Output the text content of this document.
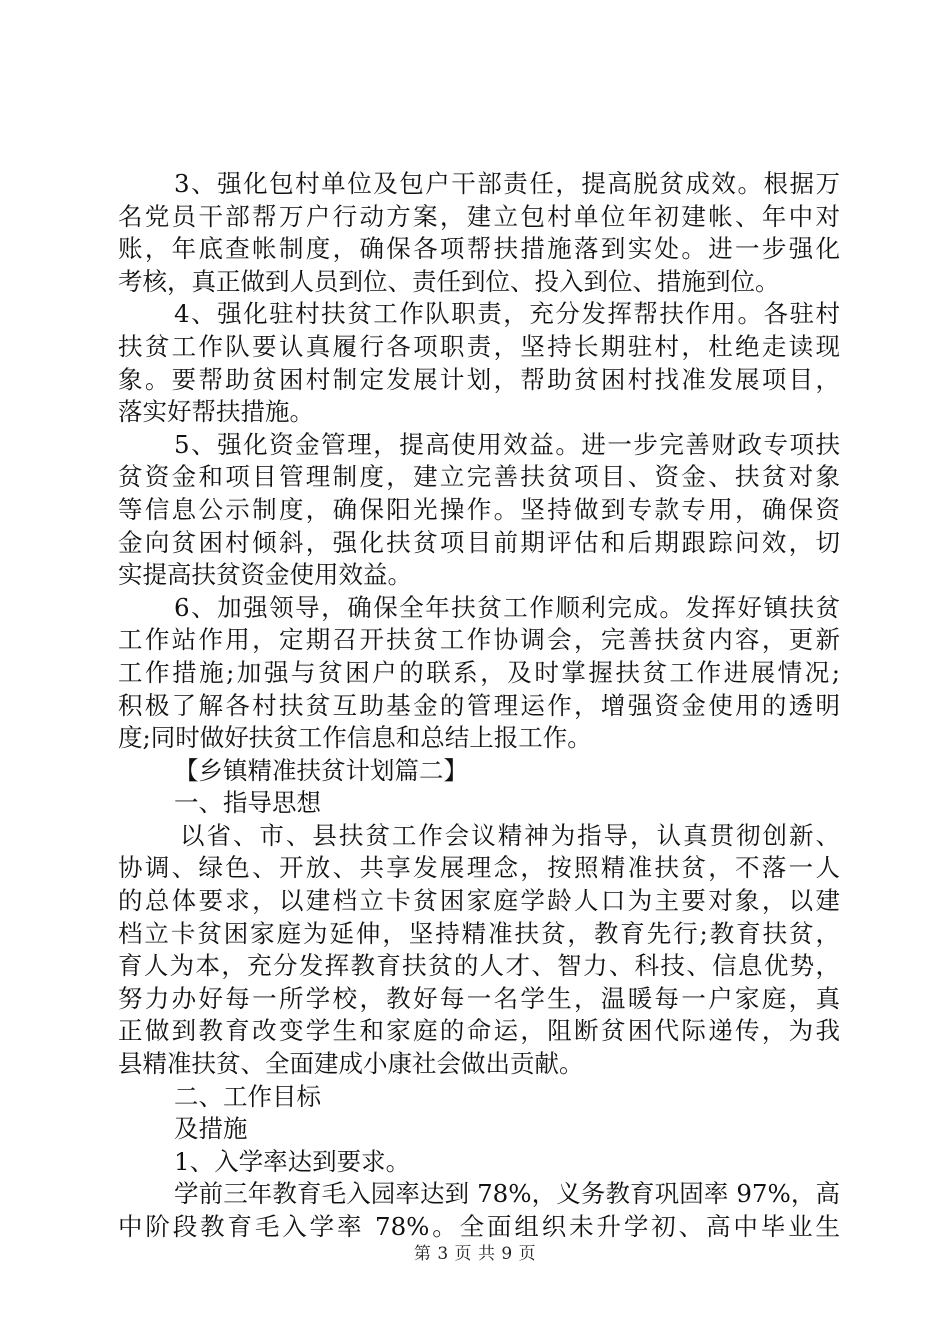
3、强化包村单位及包户干部责任，提高脱贫成效。根据万
名党员干部帮万户行动方案，建立包村单位年初建帐、年中对
账，年底查帐制度，确保各项帮扶措施落到实处。进一步强化
考核，真正做到人员到位、责任到位、投入到位、措施到位。
4、强化驻村扶贫工作队职责，充分发挥帮扶作用。各驻村
扶贫工作队要认真履行各项职责，坚持长期驻村，杜绝走读现
象。要帮助贫困村制定发展计划，帮助贫困村找准发展项目，
落实好帮扶措施。
5、强化资金管理，提高使用效益。进一步完善财政专项扶
贫资金和项目管理制度，建立完善扶贫项目、资金、扶贫对象
等信息公示制度，确保阳光操作。坚持做到专款专用，确保资
金向贫困村倾斜，强化扶贫项目前期评估和后期跟踪问效，切
实提高扶贫资金使用效益。
6、加强领导，确保全年扶贫工作顺利完成。发挥好镇扶贫
工作站作用，定期召开扶贫工作协调会，完善扶贫内容，更新
工作措施;加强与贫困户的联系，及时掌握扶贫工作进展情况;
积极了解各村扶贫互助基金的管理运作，增强资金使用的透明
度;同时做好扶贫工作信息和总结上报工作。
【乡镇精准扶贫计划篇二】
一、指导思想
以省、市、县扶贫工作会议精神为指导，认真贯彻创新、
协调、绿色、开放、共享发展理念，按照精准扶贫，不落一人
的总体要求，以建档立卡贫困家庭学龄人口为主要对象，以建
档立卡贫困家庭为延伸，坚持精准扶贫，教育先行;教育扶贫，
育人为本，充分发挥教育扶贫的人才、智力、科技、信息优势，
努力办好每一所学校，教好每一名学生，温暖每一户家庭，真
正做到教育改变学生和家庭的命运，阻断贫困代际递传，为我
县精准扶贫、全面建成小康社会做出贡献。
二、工作目标
及措施
1、入学率达到要求。
学前三年教育毛入园率达到 78%，义务教育巩固率 97%，高
中阶段教育毛入学率 78%。全面组织未升学初、高中毕业生
第 3 页 共 9 页
